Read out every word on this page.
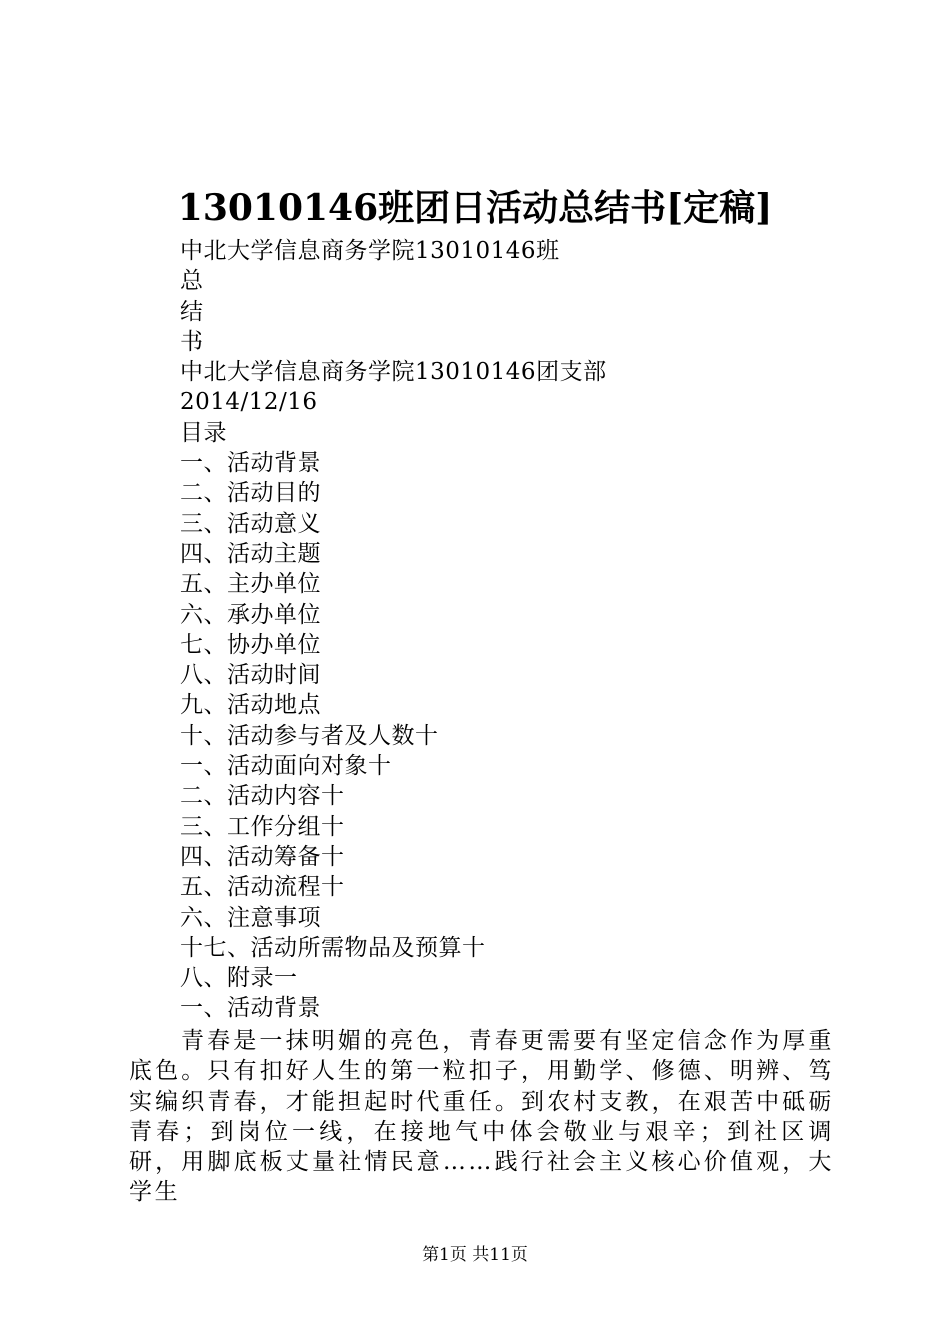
13010146班团日活动总结书[定稿]
中北大学信息商务学院13010146班
总
结
书
中北大学信息商务学院13010146团支部
2014/12/16
目录
一、活动背景
二、活动目的
三、活动意义
四、活动主题
五、主办单位
六、承办单位
七、协办单位
八、活动时间
九、活动地点
十、活动参与者及人数十
一、活动面向对象十
二、活动内容十
三、工作分组十
四、活动筹备十
五、活动流程十
六、注意事项
十七、活动所需物品及预算十
八、附录一
一、活动背景

青春是一抹明媚的亮色，青春更需要有坚定信念作为厚重底色。只有扣好人生的第一粒扣子，用勤学、修德、明辨、笃实编织青春，才能担起时代重任。到农村支教，在艰苦中砥砺青春；到岗位一线，在接地气中体会敬业与艰辛；到社区调研，用脚底板丈量社情民意……践行社会主义核心价值观，大学生

第1页 共11页
